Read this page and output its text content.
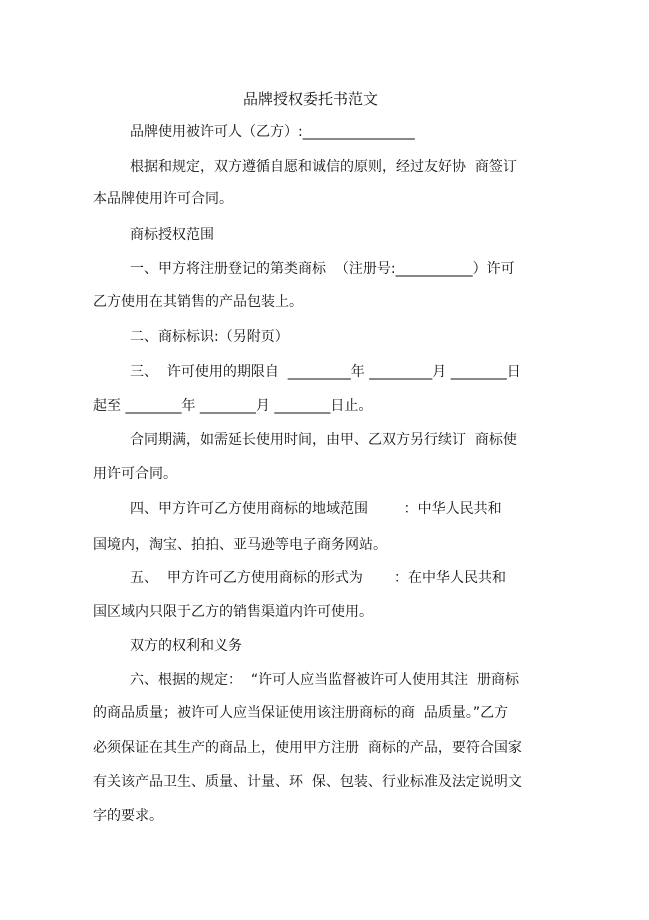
品牌授权委托书范文
品牌使用被许可人（乙方）:________________
根据和规定，双方遵循自愿和诚信的原则，经过友好协  商签订
本品牌使用许可合同。
商标授权范围
一、甲方将注册登记的第类商标  （注册号:___________）许可
乙方使用在其销售的产品包装上。
二、商标标识:（另附页）
三、  许可使用的期限自  _________年 _________月 ________日
起至 ________年 ________月 ________日止。
合同期满，如需延长使用时间，由甲、乙双方另行续订  商标使
用许可合同。
四、甲方许可乙方使用商标的地域范围        ：中华人民共和
国境内，淘宝、拍拍、亚马逊等电子商务网站。
五、  甲方许可乙方使用商标的形式为       ：在中华人民共和
国区域内只限于乙方的销售渠道内许可使用。
双方的权利和义务
六、根据的规定：  “许可人应当监督被许可人使用其注  册商标
的商品质量；被许可人应当保证使用该注册商标的商  品质量。”乙方
必须保证在其生产的商品上，使用甲方注册  商标的产品，要符合国家
有关该产品卫生、质量、计量、环  保、包装、行业标准及法定说明文
字的要求。
